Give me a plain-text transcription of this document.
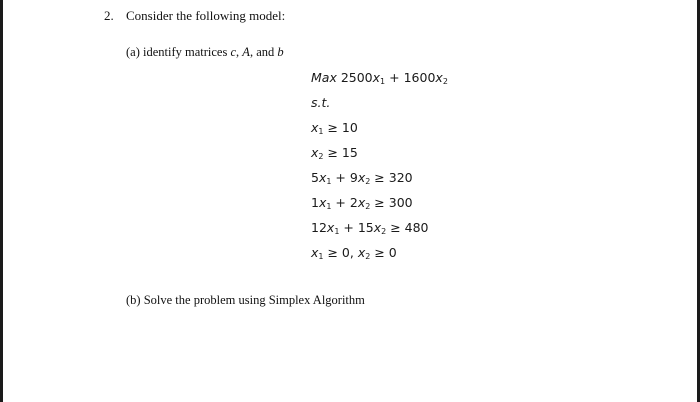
2. Consider the following model:
(a) identify matrices c, A, and b
Max $2500x_1 + 1600x_2$
s.t.
$x_1 \ge 10$
$x_2 \ge 15$
$5x_1 + 9x_2 \ge 320$
$1x_1 + 2x_2 \ge 300$
$12x_1 + 15x_2 \ge 480$
$x_1 \ge 0$, $x_2 \ge 0$
(b) Solve the problem using Simplex Algorithm
